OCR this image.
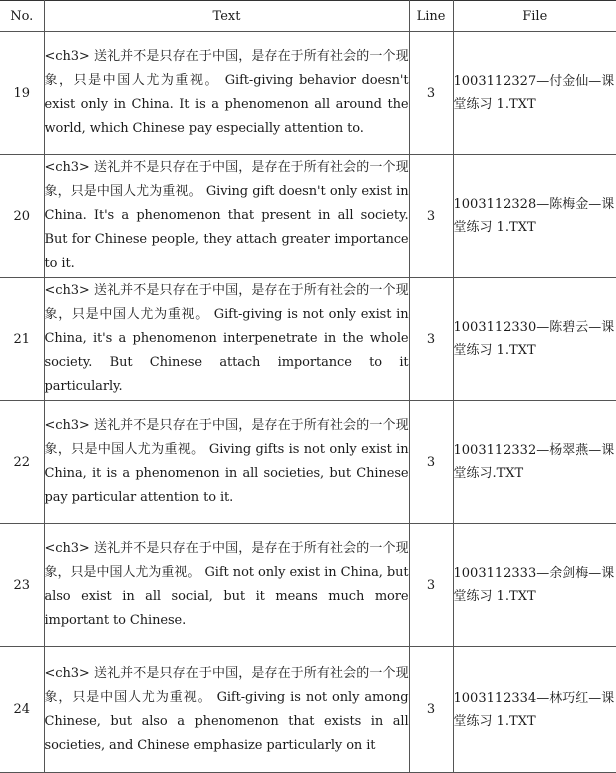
No.	Text	Line	File
19	<ch3> 送礼并不是只存在于中国，是存在于所有社会的一个现象，只是中国人尤为重视。 Gift-giving behavior doesn't exist only in China. It is a phenomenon all around the world, which Chinese pay especially attention to.	3	1003112327—付金仙—课堂练习 1.TXT

20	<ch3> 送礼并不是只存在于中国，是存在于所有社会的一个现象，只是中国人尤为重视。 Giving gift doesn't only exist in China. It's a phenomenon that present in all society. But for Chinese people, they attach greater importance to it.	3	1003112328—陈梅金—课堂练习 1.TXT

21	<ch3> 送礼并不是只存在于中国，是存在于所有社会的一个现象，只是中国人尤为重视。 Gift-giving is not only exist in China, it's a phenomenon interpenetrate in the whole society. But Chinese attach importance to it particularly.	3	1003112330—陈碧云—课堂练习 1.TXT

22	<ch3> 送礼并不是只存在于中国，是存在于所有社会的一个现象，只是中国人尤为重视。 Giving gifts is not only exist in China, it is a phenomenon in all societies, but Chinese pay particular attention to it.	3	1003112332—杨翠燕—课堂练习.TXT

23	<ch3> 送礼并不是只存在于中国，是存在于所有社会的一个现象，只是中国人尤为重视。 Gift not only exist in China, but also exist in all social, but it means much more important to Chinese.	3	1003112333—余剑梅—课堂练习 1.TXT

24	<ch3> 送礼并不是只存在于中国，是存在于所有社会的一个现象，只是中国人尤为重视。 Gift-giving is not only among Chinese, but also a phenomenon that exists in all societies, and Chinese emphasize particularly on it	3	1003112334—林巧红—课堂练习 1.TXT
